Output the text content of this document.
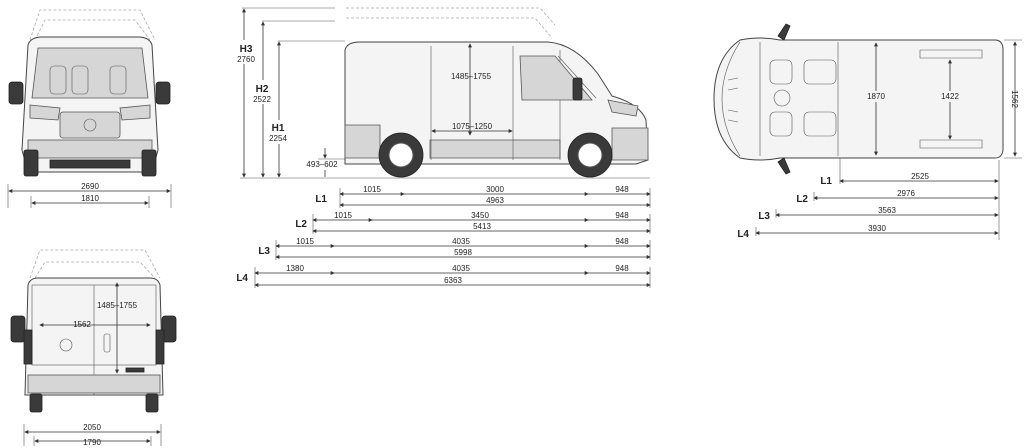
2690
1810
1485–1755
1562
2050
1790
H3
2760
H2
2522
H1
2254
493–602
1485–1755
1075–1250
L1
1015	3000	948
4963
L2
1015	3450	948
5413
L3
1015	4035	948
5998
L4
1380	4035	948
6363
1870	1422	1562
L1	2525
L2
2976
L3
3563
L4
3930
